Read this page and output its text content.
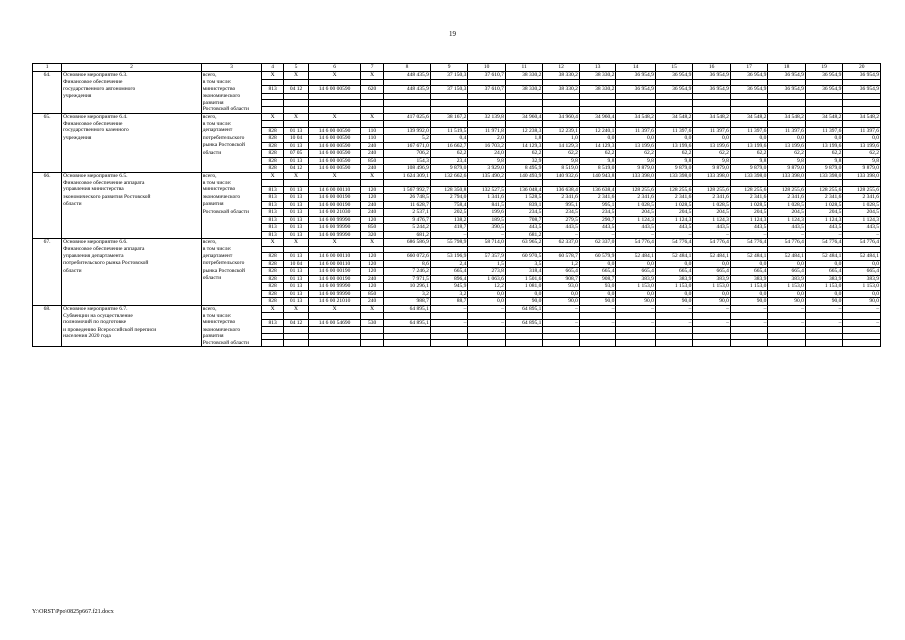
19
1	2	3	4	5	6	7	8	9	10	11	12	13	14	15	16	17	18	19	20
64.	Основное мероприятие 6.3.	всего,	Х	Х	Х	Х	448 435,9	37 150,3	37 610,7	38 330,2	38 330,2	38 330,2	36 954,9	36 954,9	36 954,9	36 954,9	36 954,9	36 954,9	36 954,9
	Финансовое обеспечение	в том числе:																	
	государственного автономного	министерство	813	04 12	14 6 00 00590	620	448 435,9	37 150,3	37 610,7	38 330,2	38 330,2	38 330,2	36 954,9	36 954,9	36 954,9	36 954,9	36 954,9	36 954,9	36 954,9
	учреждения	экономического																	
		развития																	
		Ростовской области																	
65.	Основное мероприятие 6.4.	всего,	Х	Х	Х	Х	417 025,6	38 167,2	32 139,8	34 960,4	34 960,4	34 960,4	34 548,2	34 548,2	34 548,2	34 548,2	34 548,2	34 548,2	34 548,2
	Финансовое обеспечение	в том числе:																	
	государственного казенного	департамент	828	01 13	14 6 00 00590	110	139 992,0	11 519,5	11 971,8	12 238,3	12 239,1	12 240,1	11 397,6	11 397,6	11 397,6	11 397,6	11 397,6	11 397,6	11 397,6
	учреждения	потребительского	828	10 04	14 6 00 00590	110	5,2	0,4	2,0	1,8	1,0	0,0	0,0	0,0	0,0	0,0	0,0	0,0	0,0
		рынка Ростовской	828	01 13	14 6 00 00590	240	167 671,0	16 662,7	16 703,2	14 129,3	14 129,3	14 129,3	13 199,6	13 199,6	13 199,6	13 199,6	13 199,6	13 199,6	13 199,6
		области	828	07 05	14 6 00 00590	240	706,2	62,2	24,0	62,2	62,2	62,2	62,2	62,2	62,2	62,2	62,2	62,2	62,2
			828	01 13	14 6 00 00590	850	154,3	23,4	9,8	32,9	9,8	9,8	9,8	9,8	9,8	9,8	9,8	9,8	9,8
			828	04 12	14 6 00 00590	240	108 496,9	9 879,0	3 929,0	8 495,9	8 519,0	8 519,0	9 879,0	9 879,0	9 879,0	9 879,0	9 879,0	9 879,0	9 879,0
66.	Основное мероприятие 6.5.	всего,	Х	Х	Х	Х	1 624 309,1	132 662,6	135 490,2	140 493,9	140 932,6	140 943,8	133 398,0	133 398,0	133 398,0	133 398,0	133 398,0	133 398,0	133 398,0
	Финансовое обеспечение аппарата	в том числе:																	
	управления министерства	министерство	813	01 13	14 6 00 00110	120	1 567 992,7	128 350,8	132 527,5	136 048,4	136 638,4	136 638,4	128 255,6	128 255,6	128 255,6	128 255,6	128 255,6	128 255,6	128 255,6
	экономического развития Ростовской	экономического	813	01 13	14 6 00 00190	120	26 748,5	2 794,0	1 341,6	1 528,5	2 341,6	2 341,6	2 341,6	2 341,6	2 341,6	2 341,6	2 341,6	2 341,6	2 341,6
	области	развития	813	01 13	14 6 00 00190	240	11 628,7	758,4	841,5	839,1	995,1	995,1	1 028,5	1 028,5	1 028,5	1 028,5	1 028,5	1 028,5	1 028,5
		Ростовской области	813	01 13	14 6 00 21030	240	2 537,1	202,5	199,6	234,5	234,5	234,5	204,5	204,5	204,5	204,5	204,5	204,5	204,5
			813	01 13	14 6 00 99990	120	9 476,7	138,2	189,5	708,7	279,5	290,7	1 124,3	1 124,3	1 124,3	1 124,3	1 124,3	1 124,3	1 124,3
			813	01 13	14 6 00 99990	850	5 244,2	418,7	390,5	443,5	443,5	443,5	443,5	443,5	443,5	443,5	443,5	443,5	443,5
			813	01 13	14 6 00 99990	320	681,2	–	–	681,2	–	–	–	–	–	–	–	–	–
67.	Основное мероприятие 6.6.	всего,	Х	Х	Х	Х	686 586,9	55 798,9	58 714,0	63 965,2	62 337,0	62 337,0	54 776,4	54 776,4	54 776,4	54 776,4	54 776,4	54 776,4	54 776,4
	Финансовое обеспечение аппарата	в том числе:																	
	управления департамента	департамент	828	01 13	14 6 00 00110	120	660 072,6	53 196,9	57 357,9	60 970,5	60 578,7	60 579,9	52 484,1	52 484,1	52 484,1	52 484,1	52 484,1	52 484,1	52 484,1
	потребительского рынка Ростовской	потребительского	828	10 04	14 6 00 00110	120	8,6	2,4	1,5	3,5	1,2	0,0	0,0	0,0	0,0	0,0	0,0	0,0	0,0
	области	рынка Ростовской	828	01 13	14 6 00 00190	120	7 246,2	665,4	273,8	318,4	665,4	665,4	665,4	665,4	665,4	665,4	665,4	665,4	665,4
		области	828	01 13	14 6 00 00190	240	7 971,5	896,4	1 063,6	1 501,6	908,7	908,7	383,9	383,9	383,9	383,9	383,9	383,9	383,9
			828	01 13	14 6 00 99990	120	10 296,1	945,9	12,2	1 081,0	93,0	93,0	1 153,0	1 153,0	1 153,0	1 153,0	1 153,0	1 153,0	1 153,0
			828	01 13	14 6 00 99990	850	3,2	3,2	0,0	0,0	0,0	0,0	0,0	0,0	0,0	0,0	0,0	0,0	0,0
			828	01 13	14 6 00 21010	240	988,7	88,7	0,0	90,0	90,0	90,0	90,0	90,0	90,0	90,0	90,0	90,0	90,0
68.	Основное мероприятие 6.7.	всего,	Х	Х	Х	Х	64 895,1	–	–	64 895,1	–	–	–	–	–	–	–	–	–
	Субвенции на осуществление	в том числе:																	
	полномочий по подготовке	министерство	813	04 12	14 6 00 54690	530	64 895,1	–	–	64 895,1	–	–	–	–	–	–	–	–	–
	и проведению Всероссийской переписи	экономического																	
	населения 2020 года	развития																	
		Ростовской области																	
Y:\ORST\Ppo\0825p667.f21.docx
